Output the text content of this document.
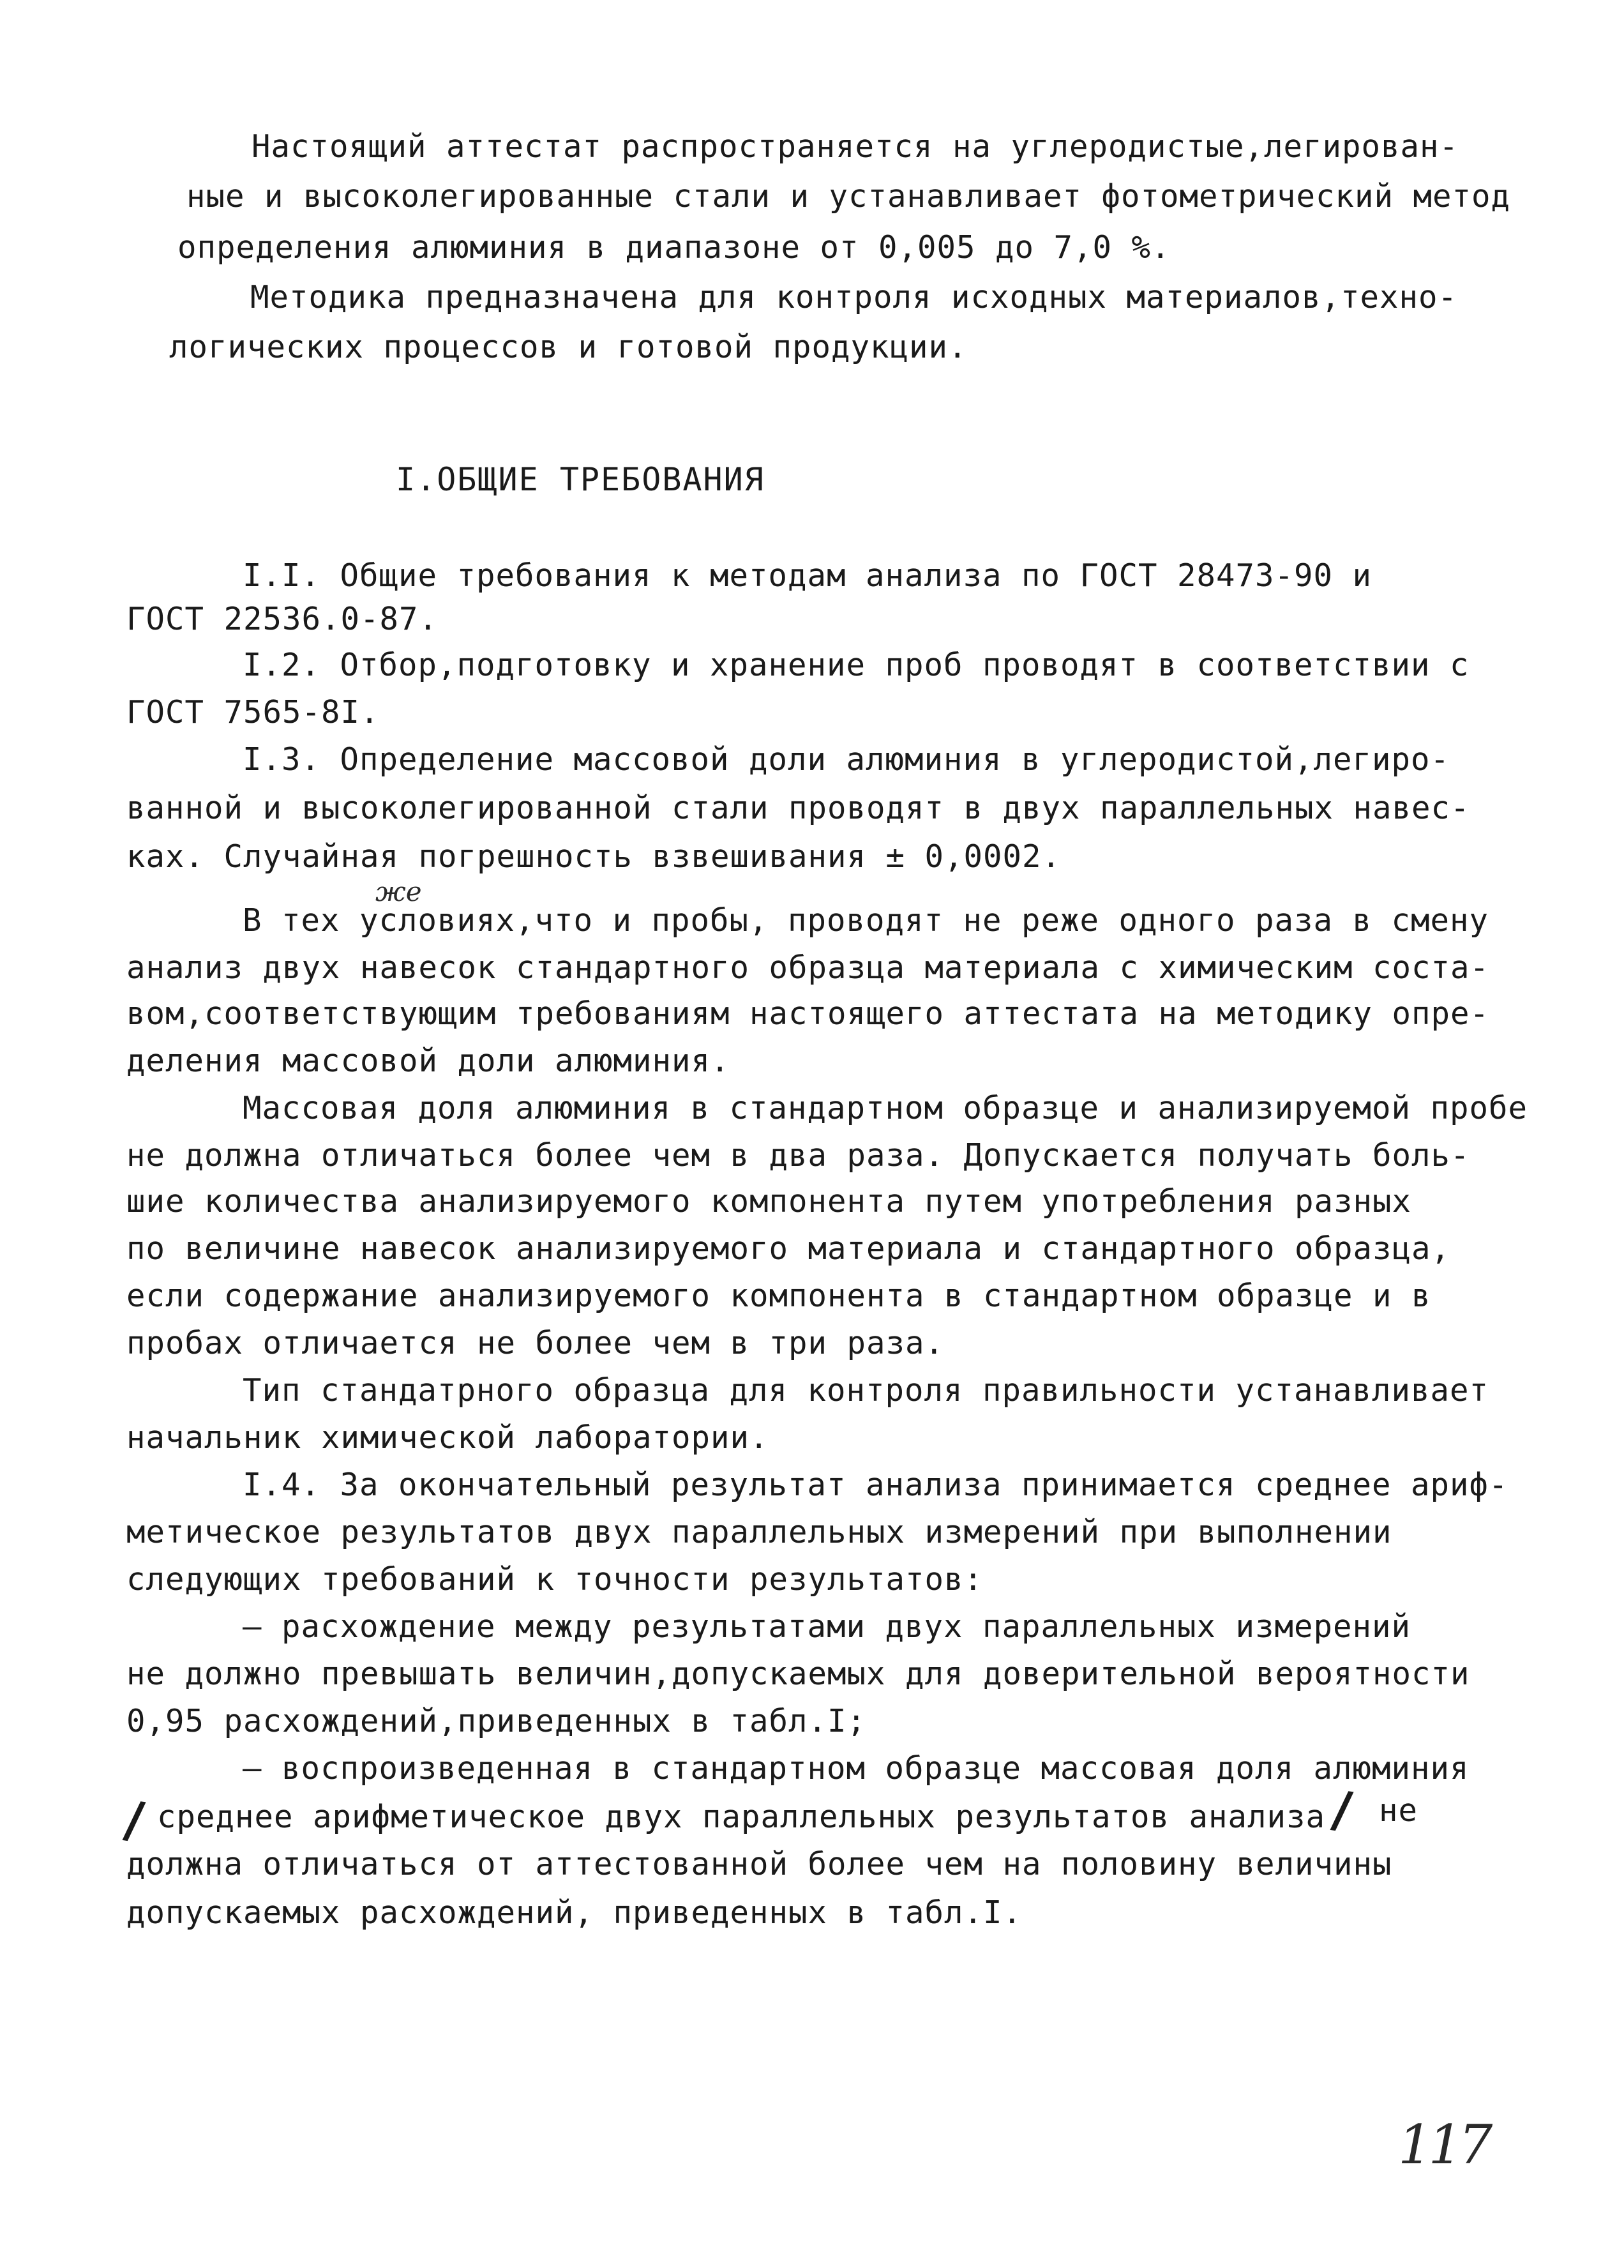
Настоящий аттестат распространяется на углеродистые,легирован-
ные и высоколегированные стали и устанавливает фотометрический метод
определения алюминия в диапазоне от 0,005 до 7,0 %.
Методика предназначена для контроля исходных материалов,техно-
логических процессов и готовой продукции.
I.ОБЩИЕ ТРЕБОВАНИЯ
I.I. Общие требования к методам анализа по ГОСТ 28473-90 и
ГОСТ 22536.0-87.
I.2. Отбор,подготовку и хранение проб проводят в соответствии с
ГОСТ 7565-8I.
I.3. Определение массовой доли алюминия в углеродистой,легиро-
ванной и высоколегированной стали проводят в двух параллельных навес-
ках. Случайная погрешность взвешивания ± 0,0002.
же
В тех условиях,что и пробы, проводят не реже одного раза в смену
анализ двух навесок стандартного образца материала с химическим соста-
вом,соответствующим требованиям настоящего аттестата на методику опре-
деления массовой доли алюминия.
Массовая доля алюминия в стандартном образце и анализируемой пробе
не должна отличаться более чем в два раза. Допускается получать боль-
шие количества анализируемого компонента путем употребления разных
по величине навесок анализируемого материала и стандартного образца,
если содержание анализируемого компонента в стандартном образце и в
пробах отличается не более чем в три раза.
Тип стандатрного образца для контроля правильности устанавливает
начальник химической лаборатории.
I.4. За окончательный результат анализа принимается среднее ариф-
метическое результатов двух параллельных измерений при выполнении
следующих требований к точности результатов:
– расхождение между результатами двух параллельных измерений
не должно превышать величин,допускаемых для доверительной вероятности
0,95 расхождений,приведенных в табл.I;
– воспроизведенная в стандартном образце массовая доля алюминия
/ среднее арифметическое двух параллельных результатов анализа / не
должна отличаться от аттестованной более чем на половину величины
допускаемых расхождений, приведенных в табл.I.
117
